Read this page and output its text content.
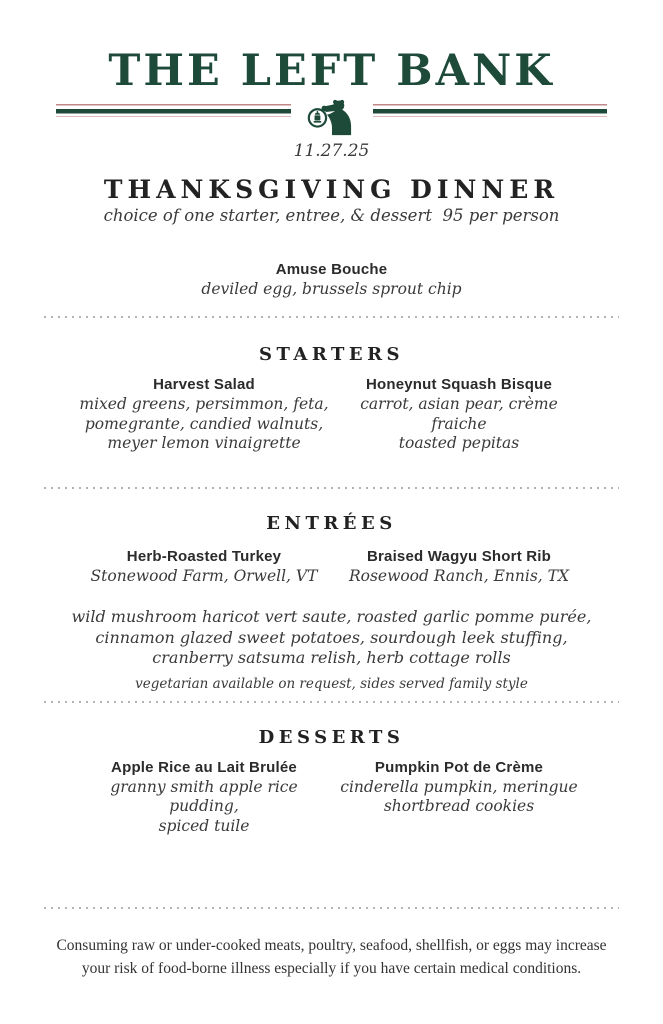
THE LEFT BANK
11.27.25
THANKSGIVING DINNER
choice of one starter, entree, & dessert  95 per person
Amuse Bouche
deviled egg, brussels sprout chip
STARTERS
Harvest Salad
mixed greens, persimmon, feta,
pomegrante, candied walnuts,
meyer lemon vinaigrette
Honeynut Squash Bisque
carrot, asian pear, crème fraiche
toasted pepitas
ENTRÉES
Herb-Roasted Turkey
Stonewood Farm, Orwell, VT
Braised Wagyu Short Rib
Rosewood Ranch, Ennis, TX
wild mushroom haricot vert saute, roasted garlic pomme purée,
cinnamon glazed sweet potatoes, sourdough leek stuffing,
cranberry satsuma relish, herb cottage rolls
vegetarian available on request, sides served family style
DESSERTS
Apple Rice au Lait Brulée
granny smith apple rice pudding,
spiced tuile
Pumpkin Pot de Crème
cinderella pumpkin, meringue
shortbread cookies
Consuming raw or under-cooked meats, poultry, seafood, shellfish, or eggs may increase your risk of food-borne illness especially if you have certain medical conditions.
